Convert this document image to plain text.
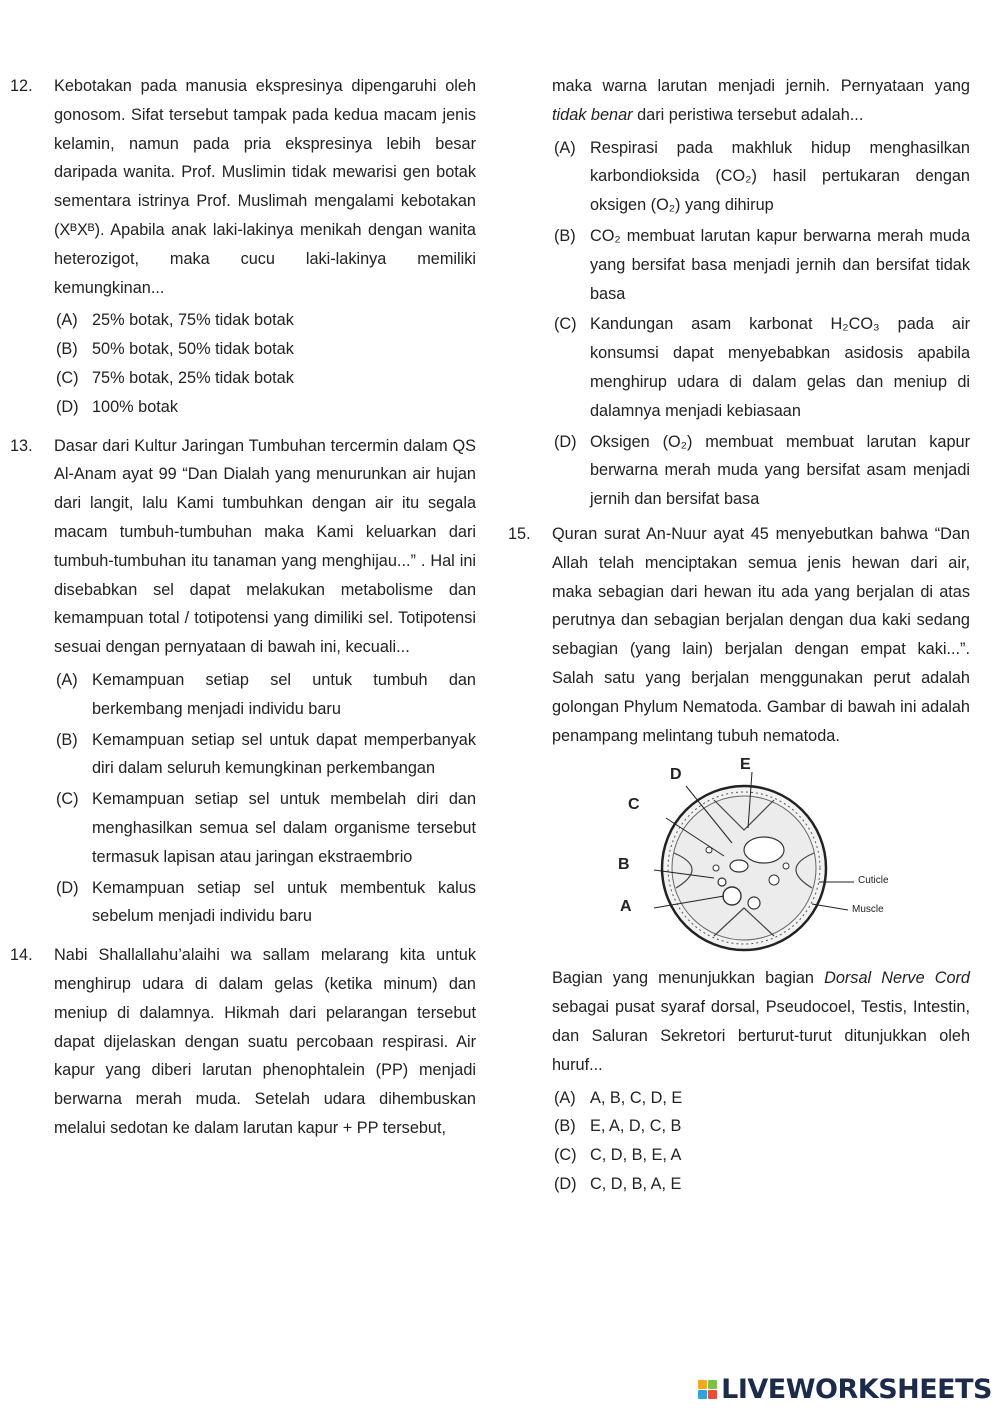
12. Kebotakan pada manusia ekspresinya dipengaruhi oleh gonosom. Sifat tersebut tampak pada kedua macam jenis kelamin, namun pada pria ekspresinya lebih besar daripada wanita. Prof. Muslimin tidak mewarisi gen botak sementara istrinya Prof. Muslimah mengalami kebotakan (XᴮXᴮ). Apabila anak laki-lakinya menikah dengan wanita heterozigot, maka cucu laki-lakinya memiliki kemungkinan...
(A) 25% botak, 75% tidak botak
(B) 50% botak, 50% tidak botak
(C) 75% botak, 25% tidak botak
(D) 100% botak
13. Dasar dari Kultur Jaringan Tumbuhan tercermin dalam QS Al-Anam ayat 99 “Dan Dialah yang menurunkan air hujan dari langit, lalu Kami tumbuhkan dengan air itu segala macam tumbuh-tumbuhan maka Kami keluarkan dari tumbuh-tumbuhan itu tanaman yang menghijau...” . Hal ini disebabkan sel dapat melakukan metabolisme dan kemampuan total / totipotensi yang dimiliki sel. Totipotensi sesuai dengan pernyataan di bawah ini, kecuali...
(A) Kemampuan setiap sel untuk tumbuh dan berkembang menjadi individu baru
(B) Kemampuan setiap sel untuk dapat memperbanyak diri dalam seluruh kemungkinan perkembangan
(C) Kemampuan setiap sel untuk membelah diri dan menghasilkan semua sel dalam organisme tersebut termasuk lapisan atau jaringan ekstraembrio
(D) Kemampuan setiap sel untuk membentuk kalus sebelum menjadi individu baru
14. Nabi Shallallahu’alaihi wa sallam melarang kita untuk menghirup udara di dalam gelas (ketika minum) dan meniup di dalamnya. Hikmah dari pelarangan tersebut dapat dijelaskan dengan suatu percobaan respirasi. Air kapur yang diberi larutan phenophtalein (PP) menjadi berwarna merah muda. Setelah udara dihembuskan melalui sedotan ke dalam larutan kapur + PP tersebut,
maka warna larutan menjadi jernih. Pernyataan yang tidak benar dari peristiwa tersebut adalah...
(A) Respirasi pada makhluk hidup menghasilkan karbondioksida (CO₂) hasil pertukaran dengan oksigen (O₂) yang dihirup
(B) CO₂ membuat larutan kapur berwarna merah muda yang bersifat basa menjadi jernih dan bersifat tidak basa
(C) Kandungan asam karbonat H₂CO₃ pada air konsumsi dapat menyebabkan asidosis apabila menghirup udara di dalam gelas dan meniup di dalamnya menjadi kebiasaan
(D) Oksigen (O₂) membuat membuat larutan kapur berwarna merah muda yang bersifat asam menjadi jernih dan bersifat basa
15. Quran surat An-Nuur ayat 45 menyebutkan bahwa “Dan Allah telah menciptakan semua jenis hewan dari air, maka sebagian dari hewan itu ada yang berjalan di atas perutnya dan sebagian berjalan dengan dua kaki sedang sebagian (yang lain) berjalan dengan empat kaki...”. Salah satu yang berjalan menggunakan perut adalah golongan Phylum Nematoda. Gambar di bawah ini adalah penampang melintang tubuh nematoda.
D
E
C
B
A
Cuticle
Muscle
Bagian yang menunjukkan bagian Dorsal Nerve Cord sebagai pusat syaraf dorsal, Pseudocoel, Testis, Intestin, dan Saluran Sekretori berturut-turut ditunjukkan oleh huruf...
(A) A, B, C, D, E
(B) E, A, D, C, B
(C) C, D, B, E, A
(D) C, D, B, A, E
LIVEWORKSHEETS
